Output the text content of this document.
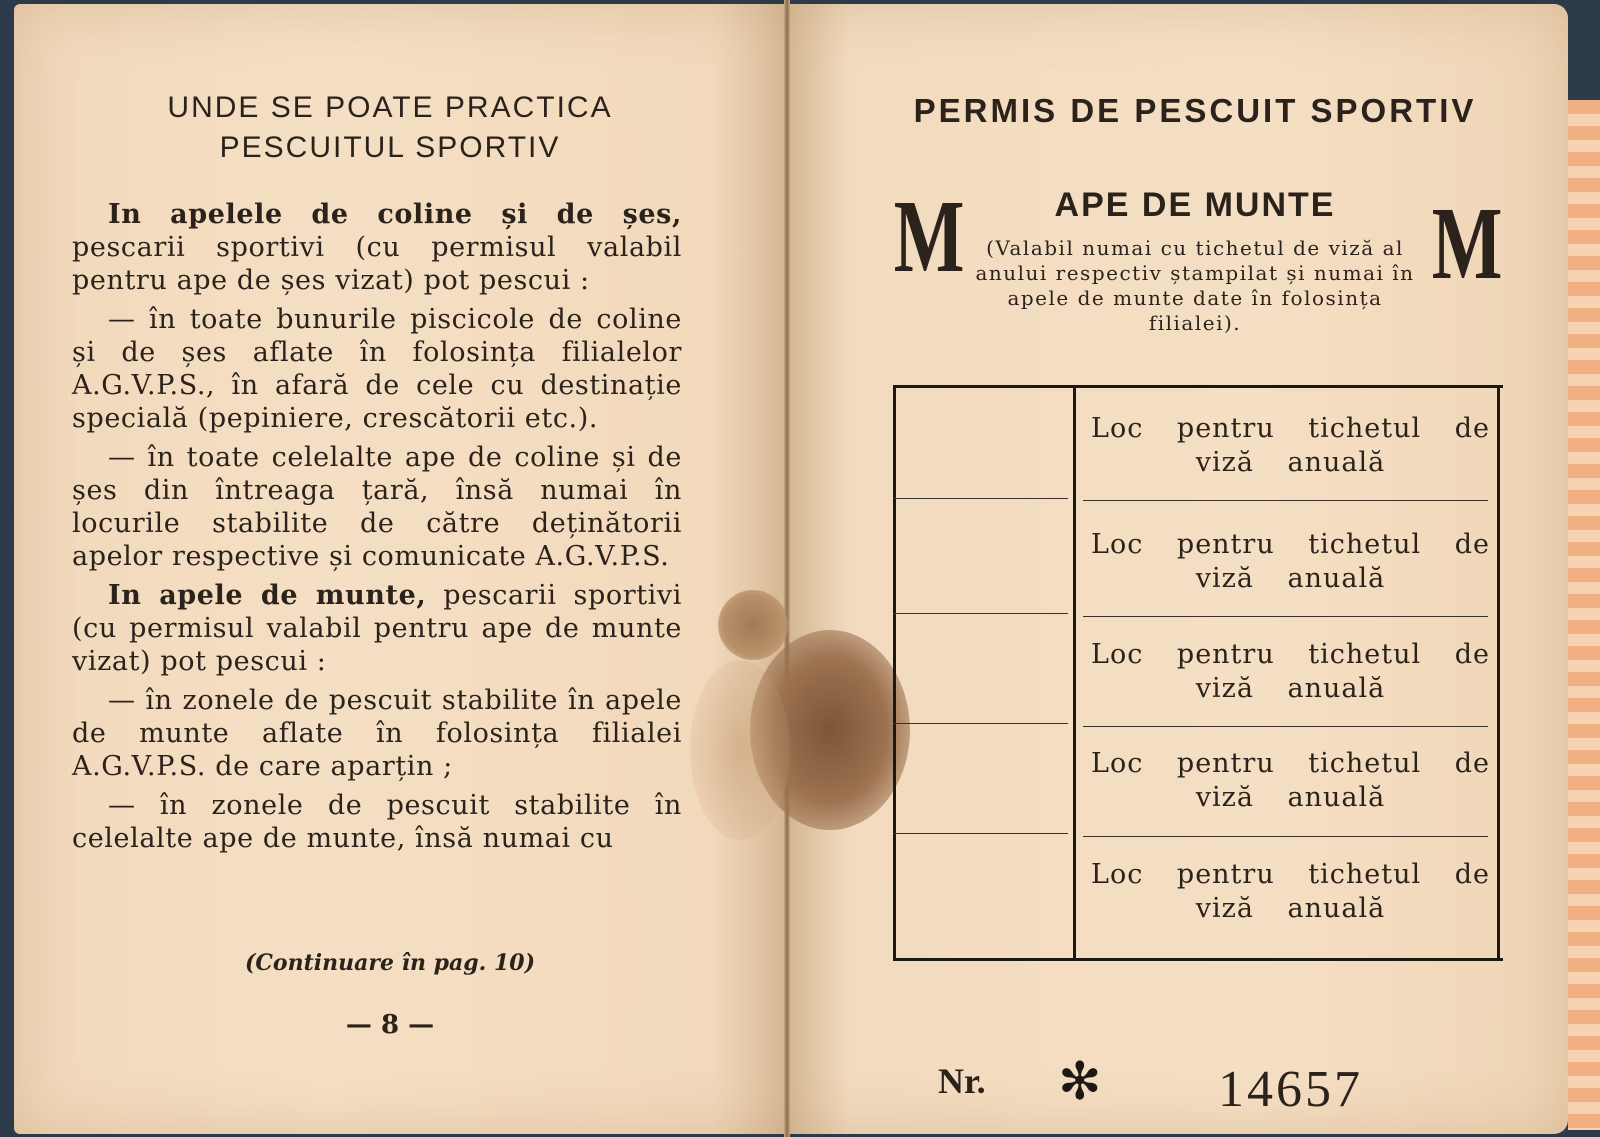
UNDE SE POATE PRACTICA
PESCUITUL SPORTIV

In apelele de coline și de șes, pescarii sportivi (cu permisul valabil pentru ape de șes vizat) pot pescui :

— în toate bunurile piscicole de coline și de șes aflate în folosința filialelor A.G.V.P.S., în afară de cele cu destinație specială (pepiniere, crescătorii etc.).

— în toate celelalte ape de coline și de șes din întreaga țară, însă numai în locurile stabilite de către deținătorii apelor respective și comunicate A.G.V.P.S.

In apele de munte, pescarii sportivi (cu permisul valabil pentru ape de munte vizat) pot pescui :

— în zonele de pescuit stabilite în apele de munte aflate în folosința filialei A.G.V.P.S. de care aparțin ;

— în zonele de pescuit stabilite în celelalte ape de munte, însă numai cu

(Continuare în pag. 10)
— 8 —
PERMIS DE PESCUIT SPORTIV
M	M
APE DE MUNTE
(Valabil numai cu tichetul de viză al anului respectiv ștampilat și numai în apele de munte date în folosința filialei).
Loc pentru tichetul de
viză anuală
Loc pentru tichetul de
viză anuală
Loc pentru tichetul de
viză anuală
Loc pentru tichetul de
viză anuală
Loc pentru tichetul de
viză anuală
Nr. ✻ 14657
